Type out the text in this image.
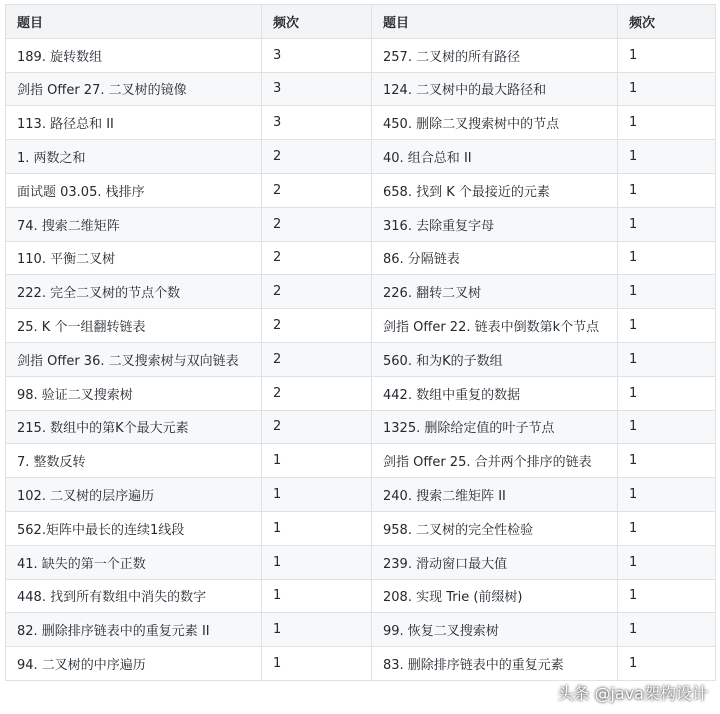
题目	频次	题目	频次
189. 旋转数组	3	257. 二叉树的所有路径	1
剑指 Offer 27. 二叉树的镜像	3	124. 二叉树中的最大路径和	1
113. 路径总和 II	3	450. 删除二叉搜索树中的节点	1
1. 两数之和	2	40. 组合总和 II	1
面试题 03.05. 栈排序	2	658. 找到 K 个最接近的元素	1
74. 搜索二维矩阵	2	316. 去除重复字母	1
110. 平衡二叉树	2	86. 分隔链表	1
222. 完全二叉树的节点个数	2	226. 翻转二叉树	1
25. K 个一组翻转链表	2	剑指 Offer 22. 链表中倒数第k个节点	1
剑指 Offer 36. 二叉搜索树与双向链表	2	560. 和为K的子数组	1
98. 验证二叉搜索树	2	442. 数组中重复的数据	1
215. 数组中的第K个最大元素	2	1325. 删除给定值的叶子节点	1
7. 整数反转	1	剑指 Offer 25. 合并两个排序的链表	1
102. 二叉树的层序遍历	1	240. 搜索二维矩阵 II	1
562.矩阵中最长的连续1线段	1	958. 二叉树的完全性检验	1
41. 缺失的第一个正数	1	239. 滑动窗口最大值	1
448. 找到所有数组中消失的数字	1	208. 实现 Trie (前缀树)	1
82. 删除排序链表中的重复元素 II	1	99. 恢复二叉搜索树	1
94. 二叉树的中序遍历	1	83. 删除排序链表中的重复元素	1
头条 @java架构设计
